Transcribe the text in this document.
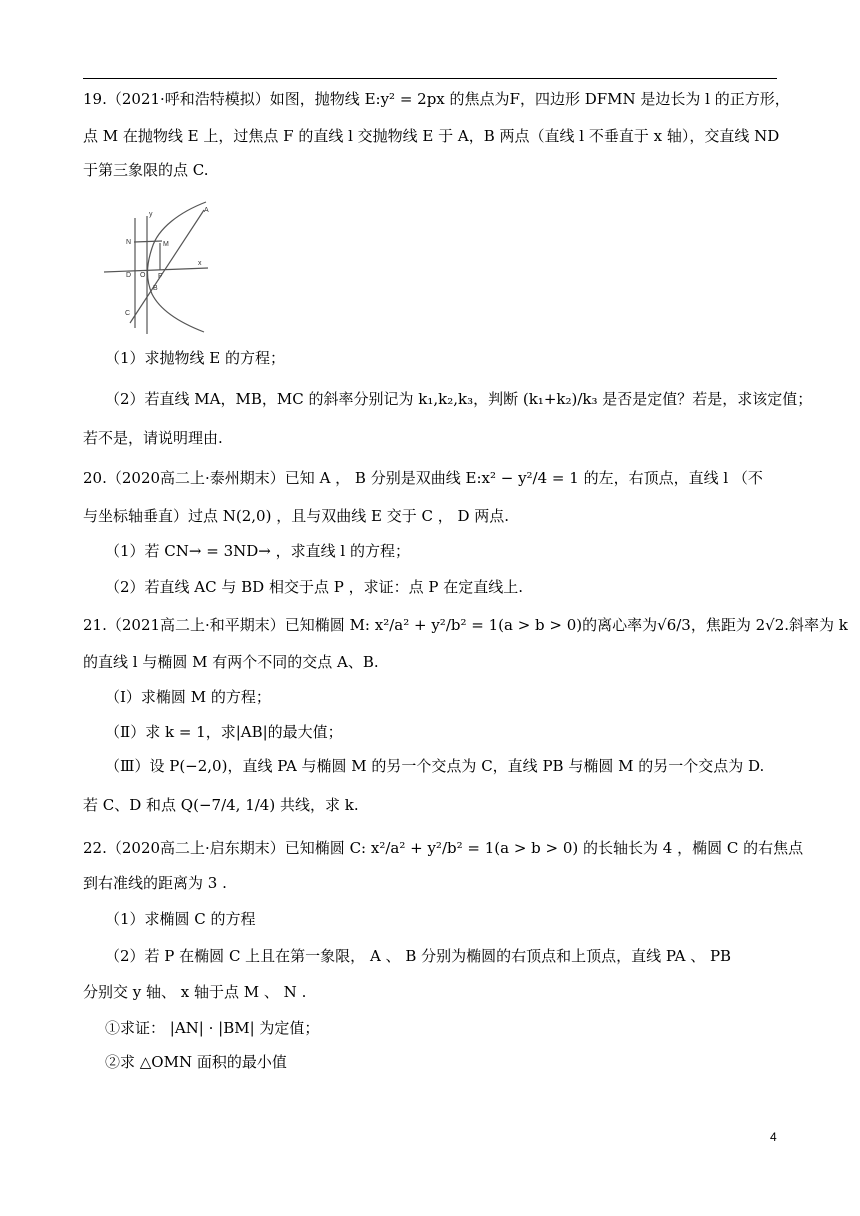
19.（2021·呼和浩特模拟）如图，抛物线 E:y² = 2px 的焦点为F，四边形 DFMN 是边长为 l 的正方形，
点 M 在抛物线 E 上，过焦点 F 的直线 l 交抛物线 E 于 A，B 两点（直线 l 不垂直于 x 轴），交直线 ND
于第三象限的点 C.
A
y
N	M
x
D O F
B
C
（1）求抛物线 E 的方程；
（2）若直线 MA，MB，MC 的斜率分别记为 k₁,k₂,k₃，判断 (k₁+k₂)/k₃ 是否是定值？若是，求该定值；
若不是，请说明理由.
20.（2020高二上·泰州期末）已知 A ， B 分别是双曲线 E:x² − y²/4 = 1 的左，右顶点，直线 l （不
与坐标轴垂直）过点 N(2,0) ，且与双曲线 E 交于 C ， D 两点.
（1）若 CN→ = 3ND→ ，求直线 l 的方程；
（2）若直线 AC 与 BD 相交于点 P ，求证：点 P 在定直线上.
21.（2021高二上·和平期末）已知椭圆 M: x²/a² + y²/b² = 1(a > b > 0)的离心率为√6/3，焦距为 2√2.斜率为 k
的直线 l 与椭圆 M 有两个不同的交点 A、B.
（Ⅰ）求椭圆 M 的方程；
（Ⅱ）求 k = 1，求|AB|的最大值；
（Ⅲ）设 P(−2,0)，直线 PA 与椭圆 M 的另一个交点为 C，直线 PB 与椭圆 M 的另一个交点为 D.
若 C、D 和点 Q(−7/4, 1/4) 共线，求 k.
22.（2020高二上·启东期末）已知椭圆 C: x²/a² + y²/b² = 1(a > b > 0) 的长轴长为 4 ，椭圆 C 的右焦点
到右准线的距离为 3 .
（1）求椭圆 C 的方程
（2）若 P 在椭圆 C 上且在第一象限， A 、 B 分别为椭圆的右顶点和上顶点，直线 PA 、 PB
分别交 y 轴、 x 轴于点 M 、 N .
①求证： |AN| · |BM| 为定值；
②求 △OMN 面积的最小值
4
